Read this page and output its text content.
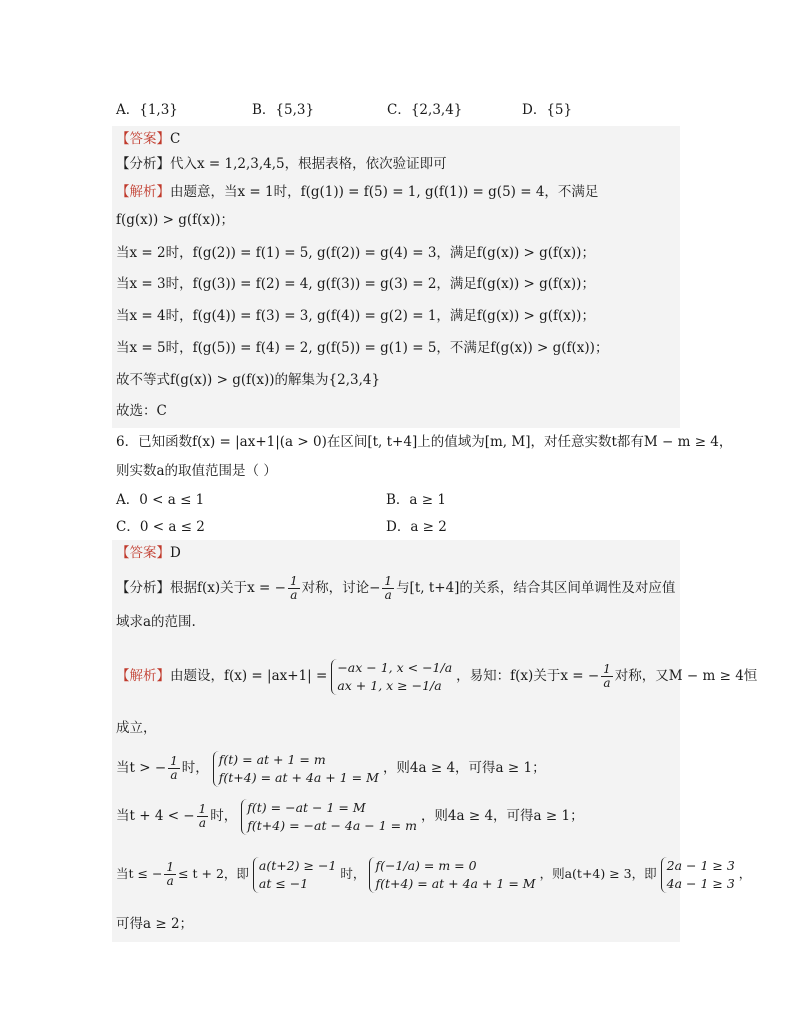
A．{1,3}	B．{5,3}	C．{2,3,4}	D．{5}
【答案】C
【分析】代入x = 1,2,3,4,5，根据表格，依次验证即可
【解析】由题意，当x = 1时，f(g(1)) = f(5) = 1, g(f(1)) = g(5) = 4，不满足
f(g(x)) > g(f(x))；
当x = 2时，f(g(2)) = f(1) = 5, g(f(2)) = g(4) = 3，满足f(g(x)) > g(f(x))；
当x = 3时，f(g(3)) = f(2) = 4, g(f(3)) = g(3) = 2，满足f(g(x)) > g(f(x))；
当x = 4时，f(g(4)) = f(3) = 3, g(f(4)) = g(2) = 1，满足f(g(x)) > g(f(x))；
当x = 5时，f(g(5)) = f(4) = 2, g(f(5)) = g(1) = 5，不满足f(g(x)) > g(f(x))；
故不等式f(g(x)) > g(f(x))的解集为{2,3,4}
故选：C
6．已知函数f(x) = |ax+1|(a > 0)在区间[t, t+4]上的值域为[m, M]，对任意实数t都有M − m ≥ 4，
则实数a的取值范围是（ ）
A．0 < a ≤ 1	B．a ≥ 1
C．0 < a ≤ 2	D．a ≥ 2
【答案】D
【分析】根据f(x)关于x = − $\frac{1}{a}$ 对称，讨论− $\frac{1}{a}$ 与[t, t+4]的关系，结合其区间单调性及对应值
域求a的范围.
【解析】由题设，f(x) = |ax+1| =
−ax − 1, x < −1/a
ax + 1, x ≥ −1/a
，易知：f(x)关于x = − $\frac{1}{a}$ 对称，又M − m ≥ 4恒
成立，
当t > − $\frac{1}{a}$ 时，
f(t) = at + 1 = m
f(t+4) = at + 4a + 1 = M
，则4a ≥ 4，可得a ≥ 1；
当t + 4 < − $\frac{1}{a}$ 时，
f(t) = −at − 1 = M
f(t+4) = −at − 4a − 1 = m
，则4a ≥ 4，可得a ≥ 1；
当t ≤ − $\frac{1}{a} \le t + 2$，即
a(t+2) ≥ −1
at ≤ −1
时，
f(−1/a) = m = 0
f(t+4) = at + 4a + 1 = M
，则a(t+4) ≥ 3，即
2a − 1 ≥ 3
4a − 1 ≥ 3
，
可得a ≥ 2；
